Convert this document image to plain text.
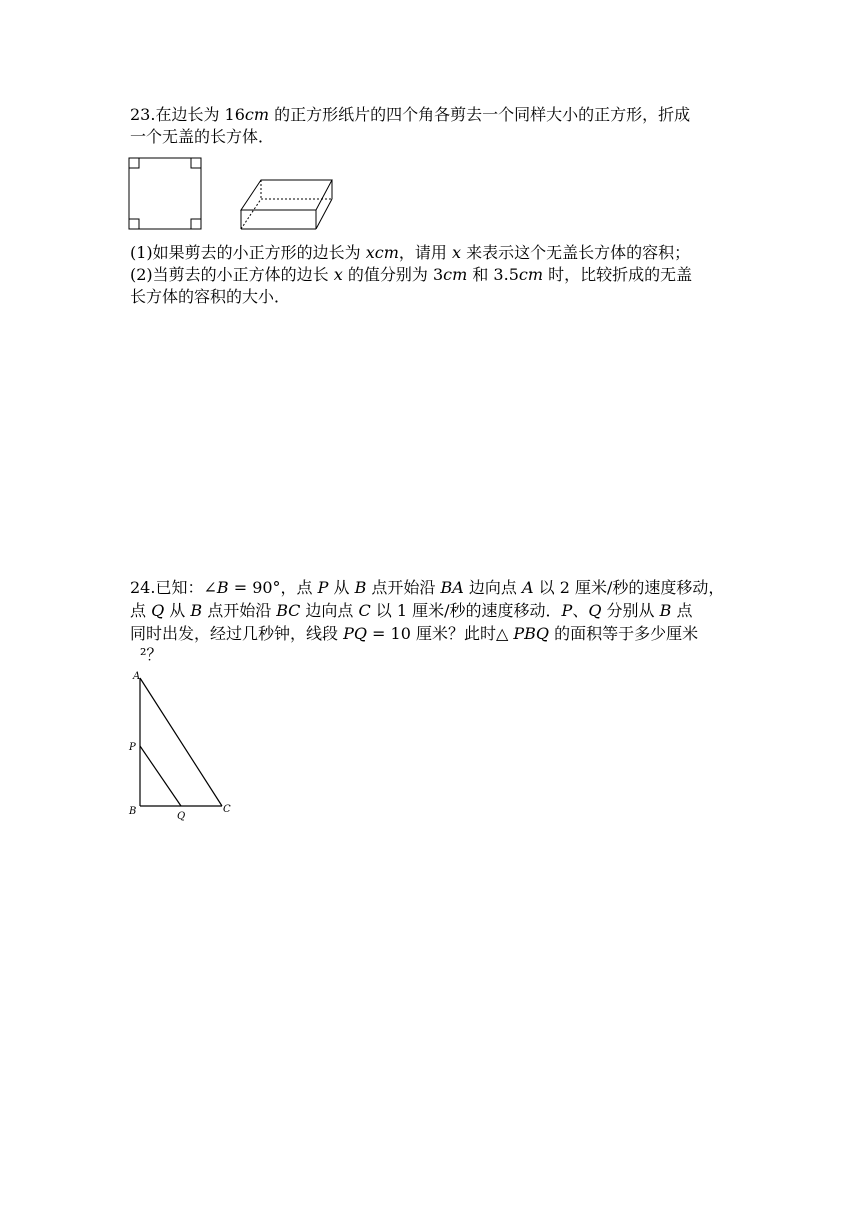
23.在边长为 16𝑐𝑚 的正方形纸片的四个角各剪去一个同样大小的正方形，折成
一个无盖的长方体．
(1)如果剪去的小正方形的边长为 𝑥𝑐𝑚，请用 𝑥 来表示这个无盖长方体的容积；
(2)当剪去的小正方体的边长 𝑥 的值分别为 3𝑐𝑚 和 3.5𝑐𝑚 时，比较折成的无盖
长方体的容积的大小．
24.已知：∠𝐵 = 90°，点 𝑃 从 𝐵 点开始沿 𝐵𝐴 边向点 𝐴 以 2 厘米/秒的速度移动，
点 𝑄 从 𝐵 点开始沿 𝐵𝐶 边向点 𝐶 以 1 厘米/秒的速度移动．𝑃、𝑄 分别从 𝐵 点
同时出发，经过几秒钟，线段 𝑃𝑄 = 10 厘米？此时△ 𝑃𝐵𝑄 的面积等于多少厘米
²？
A
P
B	Q
C
